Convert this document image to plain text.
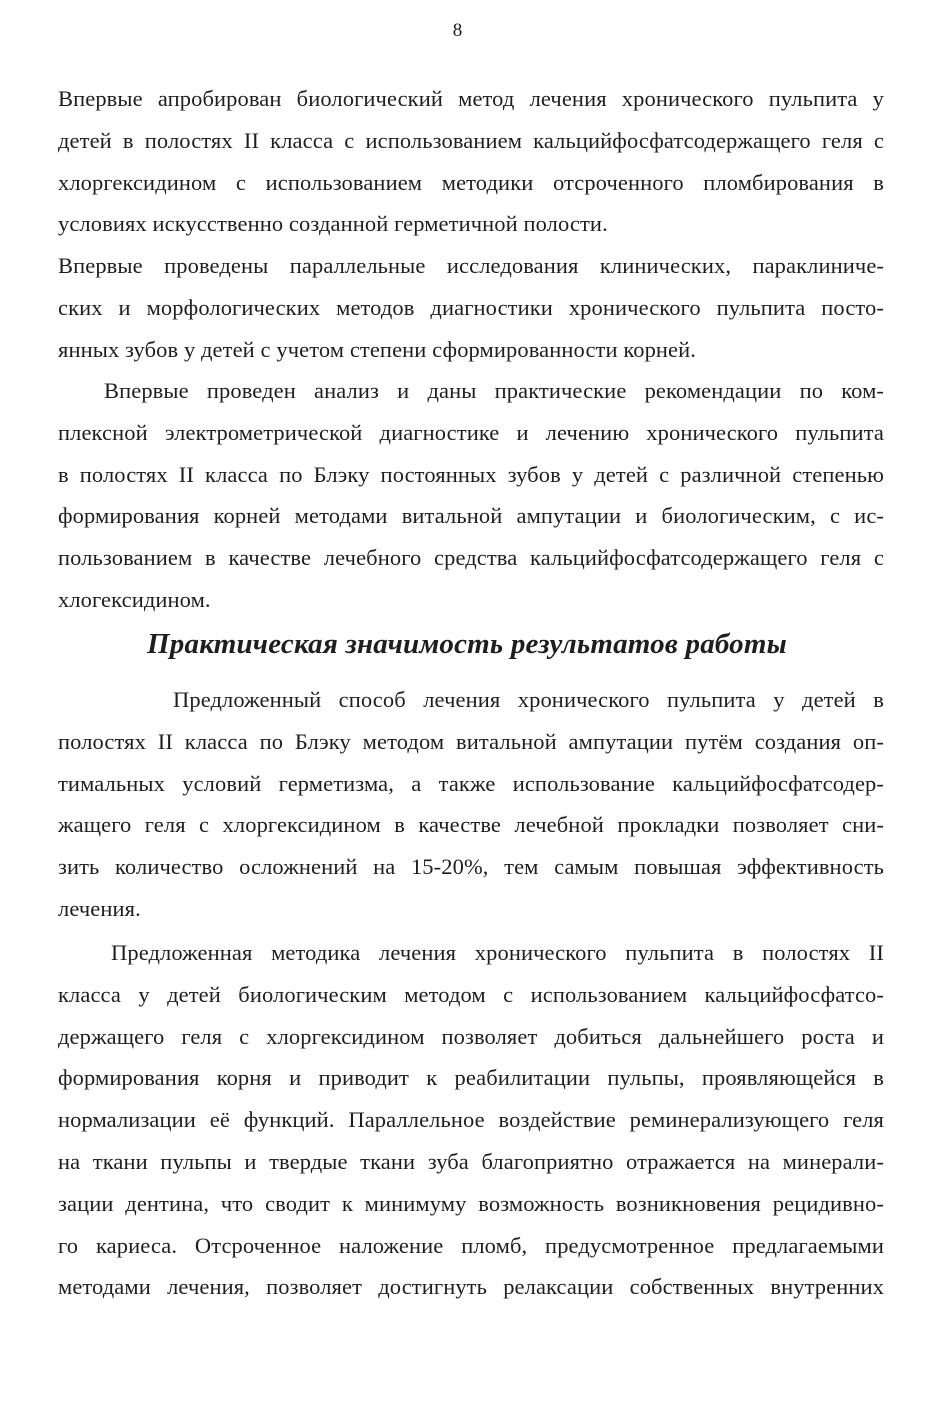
8
Впервые апробирован биологический метод лечения хронического пульпита у
детей в полостях II класса с использованием кальцийфосфатсодержащего геля с
хлоргексидином с использованием методики отсроченного пломбирования в
условиях искусственно созданной герметичной полости.
Впервые проведены параллельные исследования клинических, параклиниче-
ских и морфологических методов диагностики хронического пульпита посто-
янных зубов у детей с учетом степени сформированности корней.
Впервые проведен анализ и даны практические рекомендации по ком-
плексной электрометрической диагностике и лечению хронического пульпита
в полостях II класса по Блэку постоянных зубов у детей с различной степенью
формирования корней методами витальной ампутации и биологическим, с ис-
пользованием в качестве лечебного средства кальцийфосфатсодержащего геля с
хлогексидином.
Практическая значимость результатов работы
Предложенный способ лечения хронического пульпита у детей в
полостях II класса по Блэку методом витальной ампутации путём создания оп-
тимальных условий герметизма, а также использование кальцийфосфатсодер-
жащего геля с хлоргексидином в качестве лечебной прокладки позволяет сни-
зить количество осложнений на 15-20%, тем самым повышая эффективность
лечения.
Предложенная методика лечения хронического пульпита в полостях II
класса у детей биологическим методом с использованием кальцийфосфатсо-
держащего геля с хлоргексидином позволяет добиться дальнейшего роста и
формирования корня и приводит к реабилитации пульпы, проявляющейся в
нормализации её функций. Параллельное воздействие реминерализующего геля
на ткани пульпы и твердые ткани зуба благоприятно отражается на минерали-
зации дентина, что сводит к минимуму возможность возникновения рецидивно-
го кариеса. Отсроченное наложение пломб, предусмотренное предлагаемыми
методами лечения, позволяет достигнуть релаксации собственных внутренних
